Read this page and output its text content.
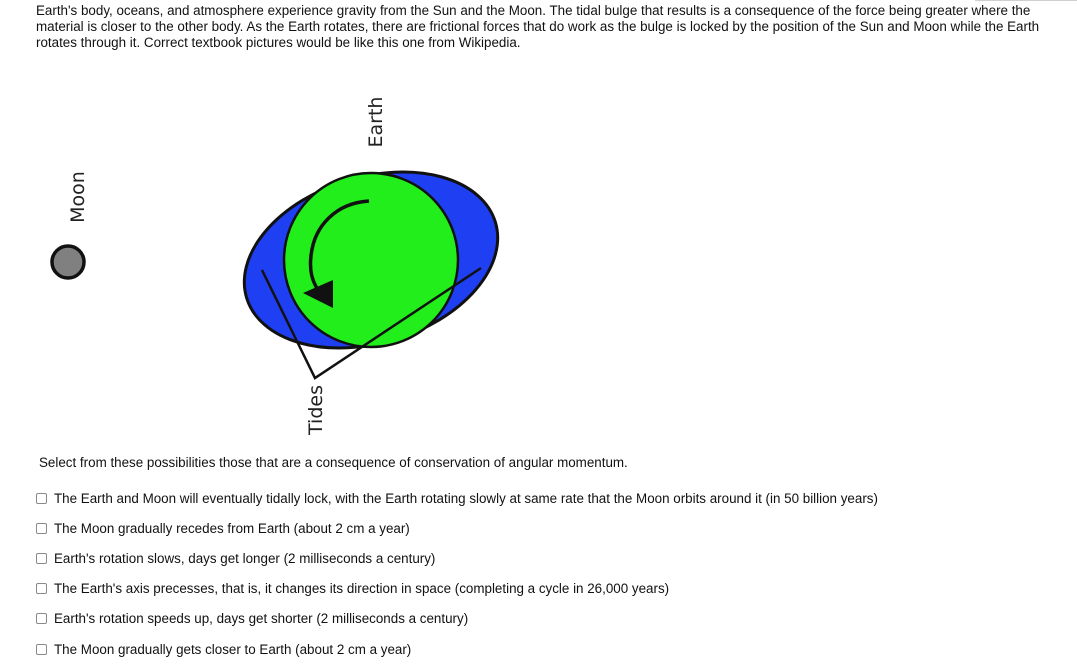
Earth's body, oceans, and atmosphere experience gravity from the Sun and the Moon. The tidal bulge that results is a consequence of the force being greater where the material is closer to the other body. As the Earth rotates, there are frictional forces that do work as the bulge is locked by the position of the Sun and Moon while the Earth rotates through it. Correct textbook pictures would be like this one from Wikipedia.

Moon
Earth
Tides

Select from these possibilities those that are a consequence of conservation of angular momentum.

The Earth and Moon will eventually tidally lock, with the Earth rotating slowly at same rate that the Moon orbits around it (in 50 billion years)
The Moon gradually recedes from Earth (about 2 cm a year)
Earth's rotation slows, days get longer (2 milliseconds a century)
The Earth's axis precesses, that is, it changes its direction in space (completing a cycle in 26,000 years)
Earth's rotation speeds up, days get shorter (2 milliseconds a century)
The Moon gradually gets closer to Earth (about 2 cm a year)
